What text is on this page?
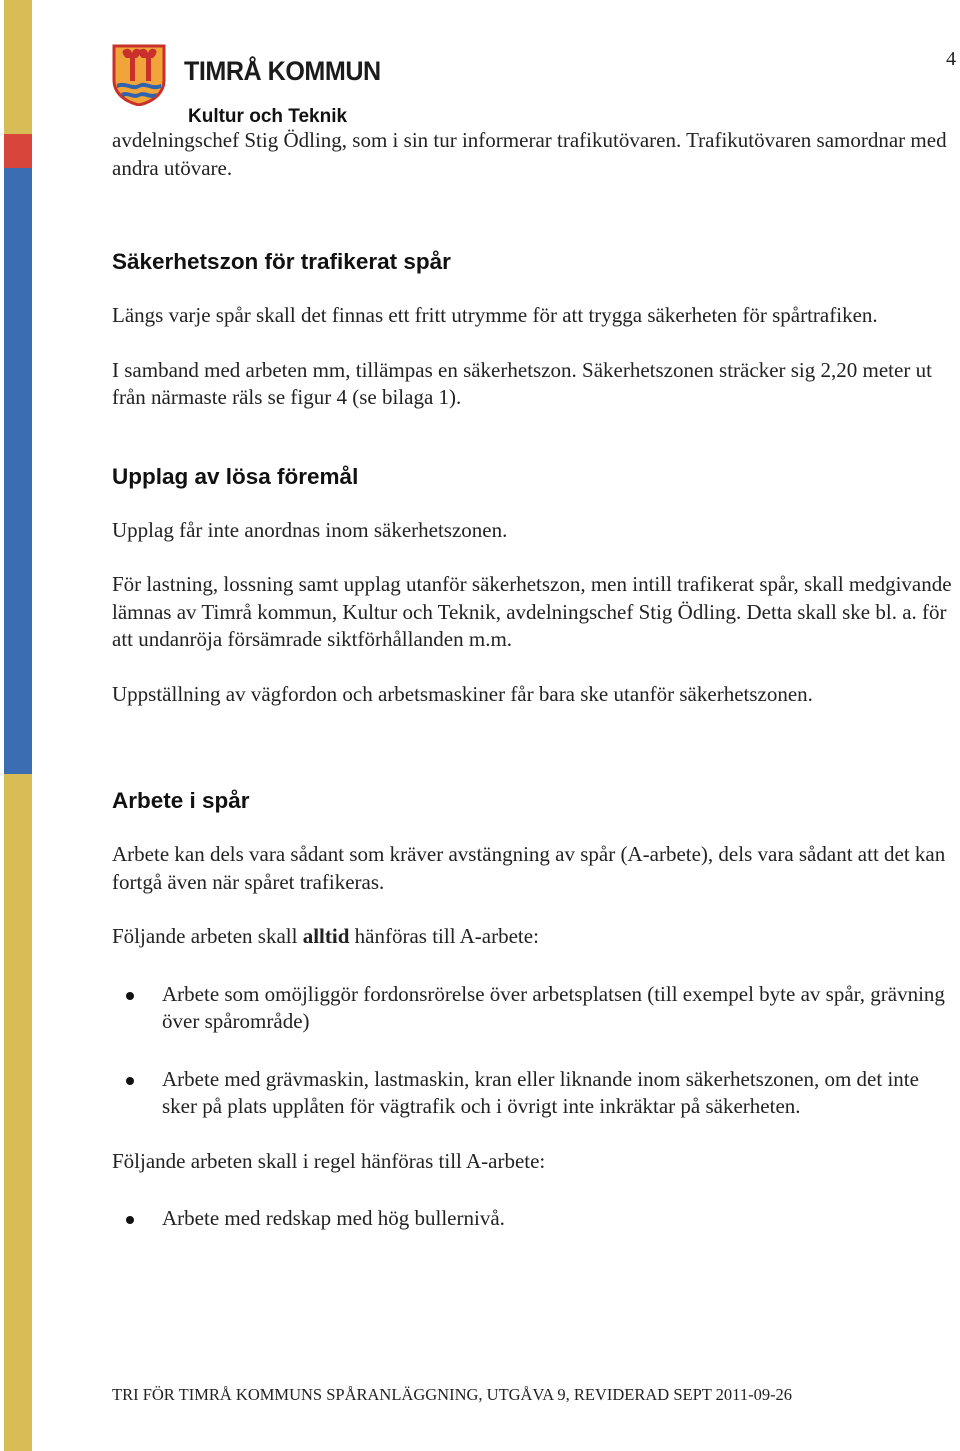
4
TIMRÅ KOMMUN
Kultur och Teknik

avdelningschef Stig Ödling, som i sin tur informerar trafikutövaren. Trafikutövaren samordnar med andra utövare.

Säkerhetszon för trafikerat spår

Längs varje spår skall det finnas ett fritt utrymme för att trygga säkerheten för spårtrafiken.

I samband med arbeten mm, tillämpas en säkerhetszon. Säkerhetszonen sträcker sig 2,20 meter ut från närmaste räls se figur 4 (se bilaga 1).

Upplag av lösa föremål

Upplag får inte anordnas inom säkerhetszonen.

För lastning, lossning samt upplag utanför säkerhetszon, men intill trafikerat spår, skall medgivande lämnas av Timrå kommun, Kultur och Teknik, avdelningschef Stig Ödling. Detta skall ske bl. a. för att undanröja försämrade siktförhållanden m.m.

Uppställning av vägfordon och arbetsmaskiner får bara ske utanför säkerhetszonen.

Arbete i spår

Arbete kan dels vara sådant som kräver avstängning av spår (A-arbete), dels vara sådant att det kan fortgå även när spåret trafikeras.

Följande arbeten skall alltid hänföras till A-arbete:

Arbete som omöjliggör fordonsrörelse över arbetsplatsen (till exempel byte av spår, grävning över spårområde)
Arbete med grävmaskin, lastmaskin, kran eller liknande inom säkerhetszonen, om det inte sker på plats upplåten för vägtrafik och i övrigt inte inkräktar på säkerheten.

Följande arbeten skall i regel hänföras till A-arbete:

Arbete med redskap med hög bullernivå.
TRI FÖR TIMRÅ KOMMUNS SPÅRANLÄGGNING, UTGÅVA 9, REVIDERAD SEPT 2011-09-26
